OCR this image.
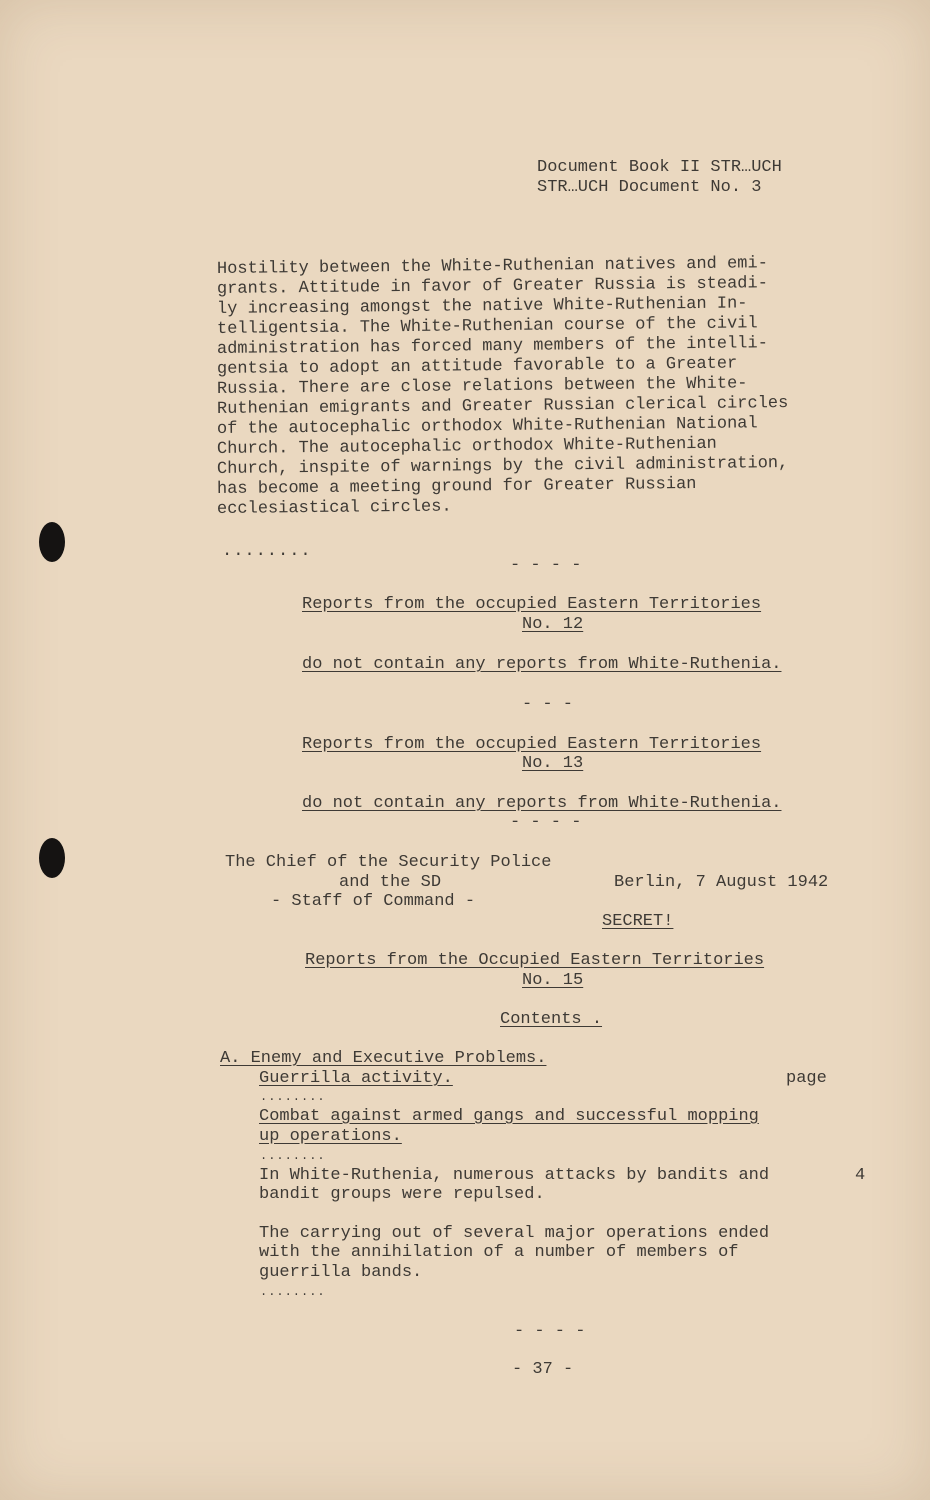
Document Book II STR…UCH
STR…UCH Document No. 3
Hostility between the White-Ruthenian natives and emi-
grants. Attitude in favor of Greater Russia is steadi-
ly increasing amongst the native White-Ruthenian In-
telligentsia. The White-Ruthenian course of the civil
administration has forced many members of the intelli-
gentsia to adopt an attitude favorable to a Greater
Russia. There are close relations between the White-
Ruthenian emigrants and Greater Russian clerical circles
of the autocephalic orthodox White-Ruthenian National
Church. The autocephalic orthodox White-Ruthenian
Church, inspite of warnings by the civil administration,
has become a meeting ground for Greater Russian
ecclesiastical circles.
........
- - - -
Reports from the occupied Eastern Territories
No. 12
do not contain any reports from White-Ruthenia.
- - -
Reports from the occupied Eastern Territories
No. 13
do not contain any reports from White-Ruthenia.
- - - -
The Chief of the Security Police
and the SD
- Staff of Command -
Berlin, 7 August 1942
SECRET!
Reports from the Occupied Eastern Territories
No. 15
Contents .
A. Enemy and Executive Problems.
Guerrilla activity.	page
........
Combat against armed gangs and successful mopping
up operations.
........
In White-Ruthenia, numerous attacks by bandits and
bandit groups were repulsed.
4
The carrying out of several major operations ended
with the annihilation of a number of members of
guerrilla bands.
........
- - - -
- 37 -
